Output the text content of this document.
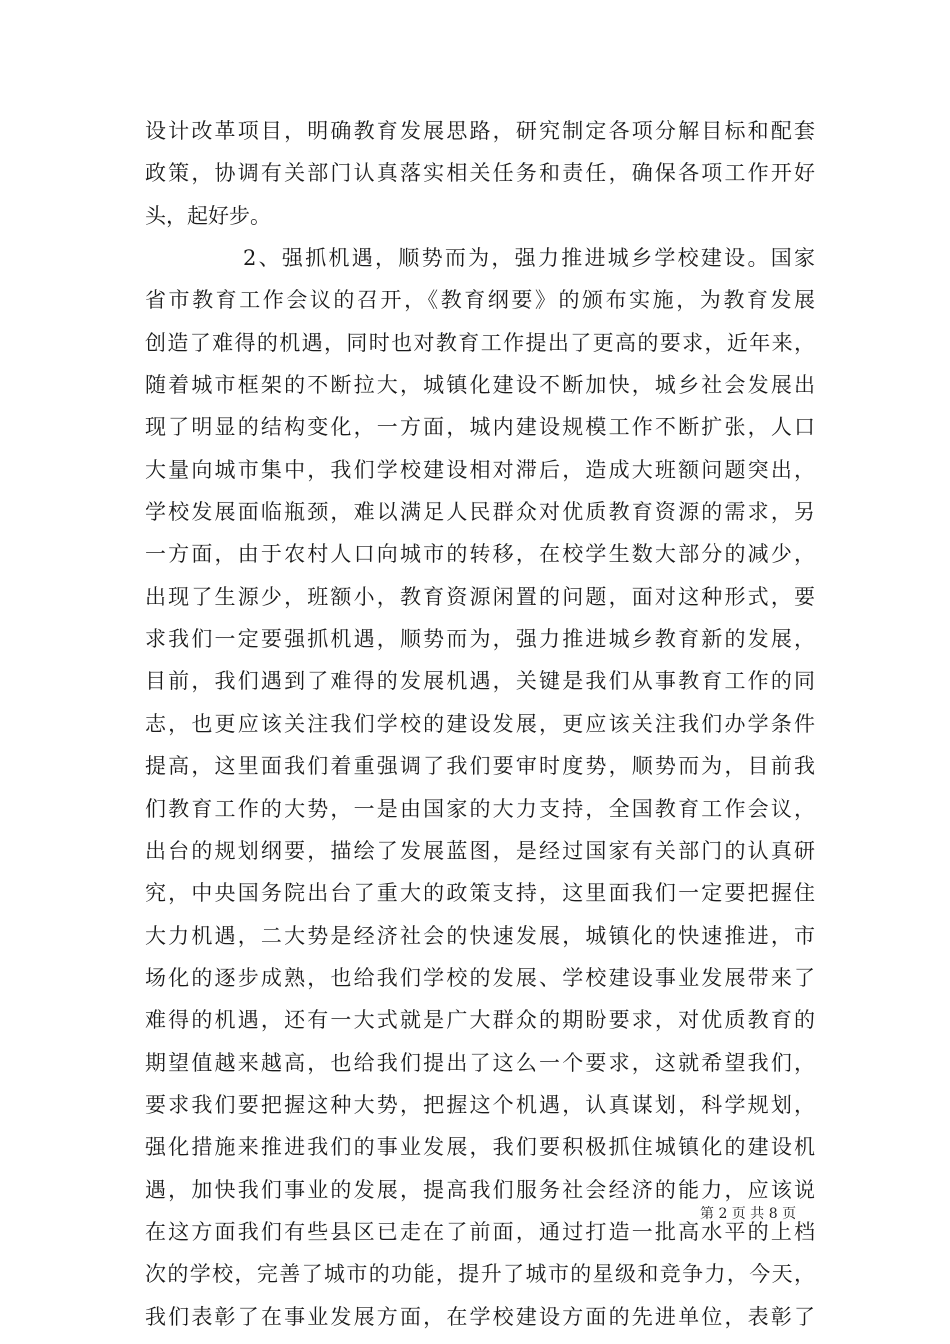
设计改革项目，明确教育发展思路，研究制定各项分解目标和配套
政策，协调有关部门认真落实相关任务和责任，确保各项工作开好
头，起好步。
2、强抓机遇，顺势而为，强力推进城乡学校建设。国家
省市教育工作会议的召开，《教育纲要》的颁布实施，为教育发展
创造了难得的机遇，同时也对教育工作提出了更高的要求，近年来，
随着城市框架的不断拉大，城镇化建设不断加快，城乡社会发展出
现了明显的结构变化，一方面，城内建设规模工作不断扩张，人口
大量向城市集中，我们学校建设相对滞后，造成大班额问题突出，
学校发展面临瓶颈，难以满足人民群众对优质教育资源的需求，另
一方面，由于农村人口向城市的转移，在校学生数大部分的减少，
出现了生源少，班额小，教育资源闲置的问题，面对这种形式，要
求我们一定要强抓机遇，顺势而为，强力推进城乡教育新的发展，
目前，我们遇到了难得的发展机遇，关键是我们从事教育工作的同
志，也更应该关注我们学校的建设发展，更应该关注我们办学条件
提高，这里面我们着重强调了我们要审时度势，顺势而为，目前我
们教育工作的大势，一是由国家的大力支持，全国教育工作会议，
出台的规划纲要，描绘了发展蓝图，是经过国家有关部门的认真研
究，中央国务院出台了重大的政策支持，这里面我们一定要把握住
大力机遇，二大势是经济社会的快速发展，城镇化的快速推进，市
场化的逐步成熟，也给我们学校的发展、学校建设事业发展带来了
难得的机遇，还有一大式就是广大群众的期盼要求，对优质教育的
期望值越来越高，也给我们提出了这么一个要求，这就希望我们，
要求我们要把握这种大势，把握这个机遇，认真谋划，科学规划，
强化措施来推进我们的事业发展，我们要积极抓住城镇化的建设机
遇，加快我们事业的发展，提高我们服务社会经济的能力，应该说
在这方面我们有些县区已走在了前面，通过打造一批高水平的上档
次的学校，完善了城市的功能，提升了城市的星级和竞争力，今天，
我们表彰了在事业发展方面，在学校建设方面的先进单位，表彰了
第 2 页 共 8 页
